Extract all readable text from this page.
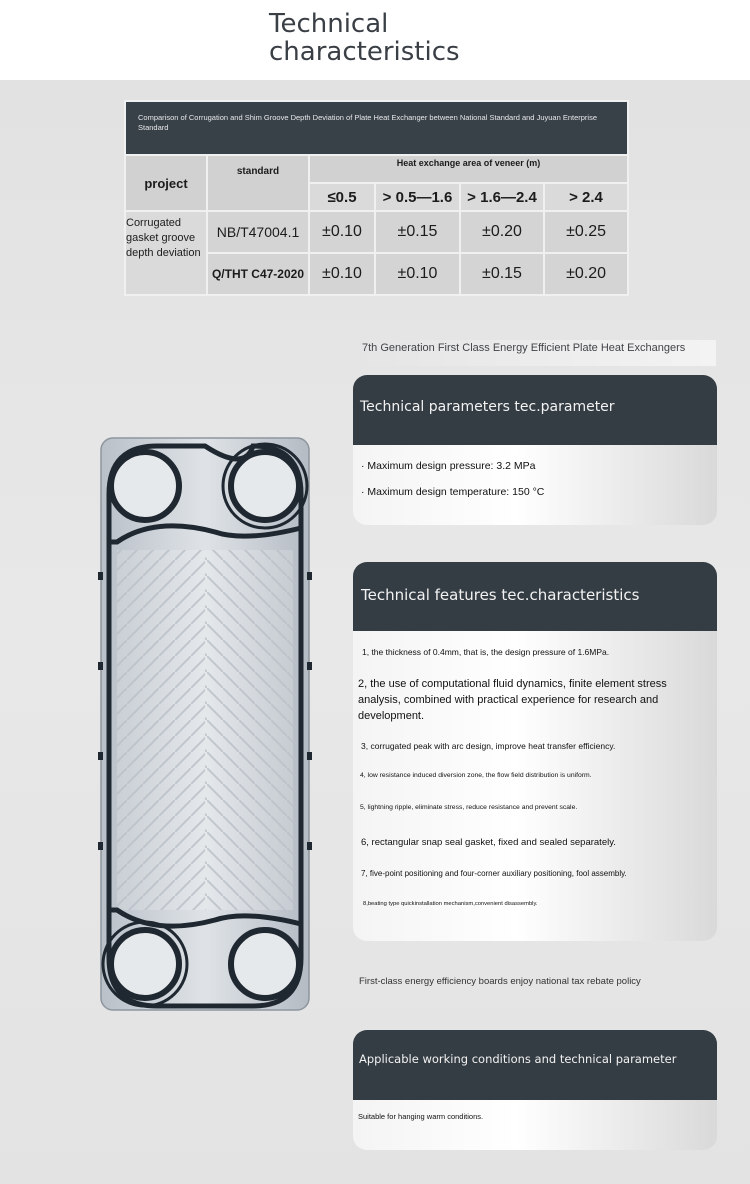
Technical characteristics
Comparison of Corrugation and Shim Groove Depth Deviation of Plate Heat Exchanger between National Standard and Juyuan Enterprise Standard					
project	standard	Heat exchange area of veneer (m)			
		≤0.5	> 0.5—1.6	> 1.6—2.4	> 2.4
Corrugated gasket groove depth deviation	NB/T47004.1	±0.10	±0.15	±0.20	±0.25
	Q/THT C47-2020	±0.10	±0.10	±0.15	±0.20
7th Generation First Class Energy Efficient Plate Heat Exchangers
Technical parameters tec.parameter
· Maximum design pressure: 3.2 MPa
· Maximum design temperature: 150 °C
Technical features tec.characteristics
1, the thickness of 0.4mm, that is, the design pressure of 1.6MPa.
2, the use of computational fluid dynamics, finite element stress analysis, combined with practical experience for research and development.
3, corrugated peak with arc design, improve heat transfer efficiency.
4, low resistance induced diversion zone, the flow field distribution is uniform.
5, lightning ripple, eliminate stress, reduce resistance and prevent scale.
6, rectangular snap seal gasket, fixed and sealed separately.
7, five-point positioning and four-corner auxiliary positioning, fool assembly.
8,beating type quickinstallation mechanism,convenient disassembly.
First-class energy efficiency boards enjoy national tax rebate policy
Applicable working conditions and technical parameter
Suitable for hanging warm conditions.
